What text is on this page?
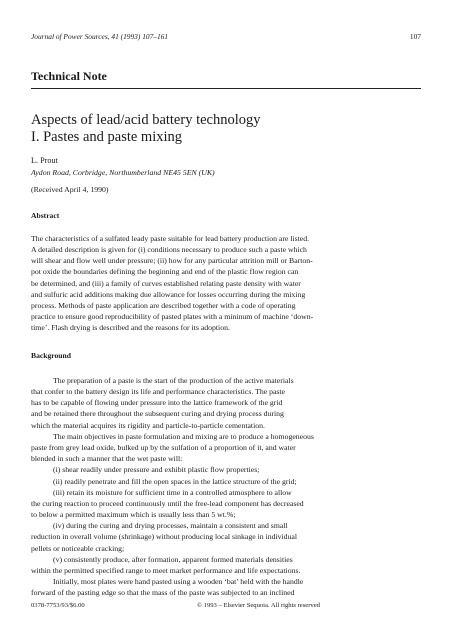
Journal of Power Sources, 41 (1993) 107–161	107
Technical Note
Aspects of lead/acid battery technology
I. Pastes and paste mixing
L. Prout
Aydon Road, Corbridge, Northumberland NE45 5EN (UK)
(Received April 4, 1990)
Abstract

The characteristics of a sulfated leady paste suitable for lead battery production are listed.
A detailed description is given for (i) conditions necessary to produce such a paste which
will shear and flow well under pressure; (ii) how for any particular attrition mill or Barton-
pot oxide the boundaries defining the beginning and end of the plastic flow region can
be determined, and (iii) a family of curves established relating paste density with water
and sulfuric acid additions making due allowance for losses occurring during the mixing
process. Methods of paste application are described together with a code of operating
practice to ensure good reproducibility of pasted plates with a mininum of machine ‘down-
time’. Flash drying is described and the reasons for its adoption.

Background

The preparation of a paste is the start of the production of the active materials
that confer to the battery design its life and performance characteristics. The paste
has to be capable of flowing under pressure into the lattice framework of the grid
and be retained there throughout the subsequent curing and drying process during
which the material acquires its rigidity and particle-to-particle cementation.

The main objectives in paste formulation and mixing are to produce a homogeneous
paste from grey lead oxide, bulked up by the sulfation of a proportion of it, and water
blended in such a manner that the wet paste will:
(i) shear readily under pressure and exhibit plastic flow properties;
(ii) readily penetrate and fill the open spaces in the lattice structure of the grid;
(iii) retain its moisture for sufficient time in a controlled atmosphere to allow
the curing reaction to proceed continuously until the free-lead component has decreased
to below a permitted maximum which is usually less than 5 wt.%;
(iv) during the curing and drying processes, maintain a consistent and small
reduction in overall volume (shrinkage) without producing local sinkage in individual
pellets or noticeable cracking;
(v) consistently produce, after formation, apparent formed materials densities
within the permitted specified range to meet market performance and life expectations.
Initially, most plates were hand pasted using a wooden ‘bat’ held with the handle
forward of the pasting edge so that the mass of the paste was subjected to an inclined

0378-7753/93/$6.00	© 1993 – Elsevier Sequoia. All rights reserved
